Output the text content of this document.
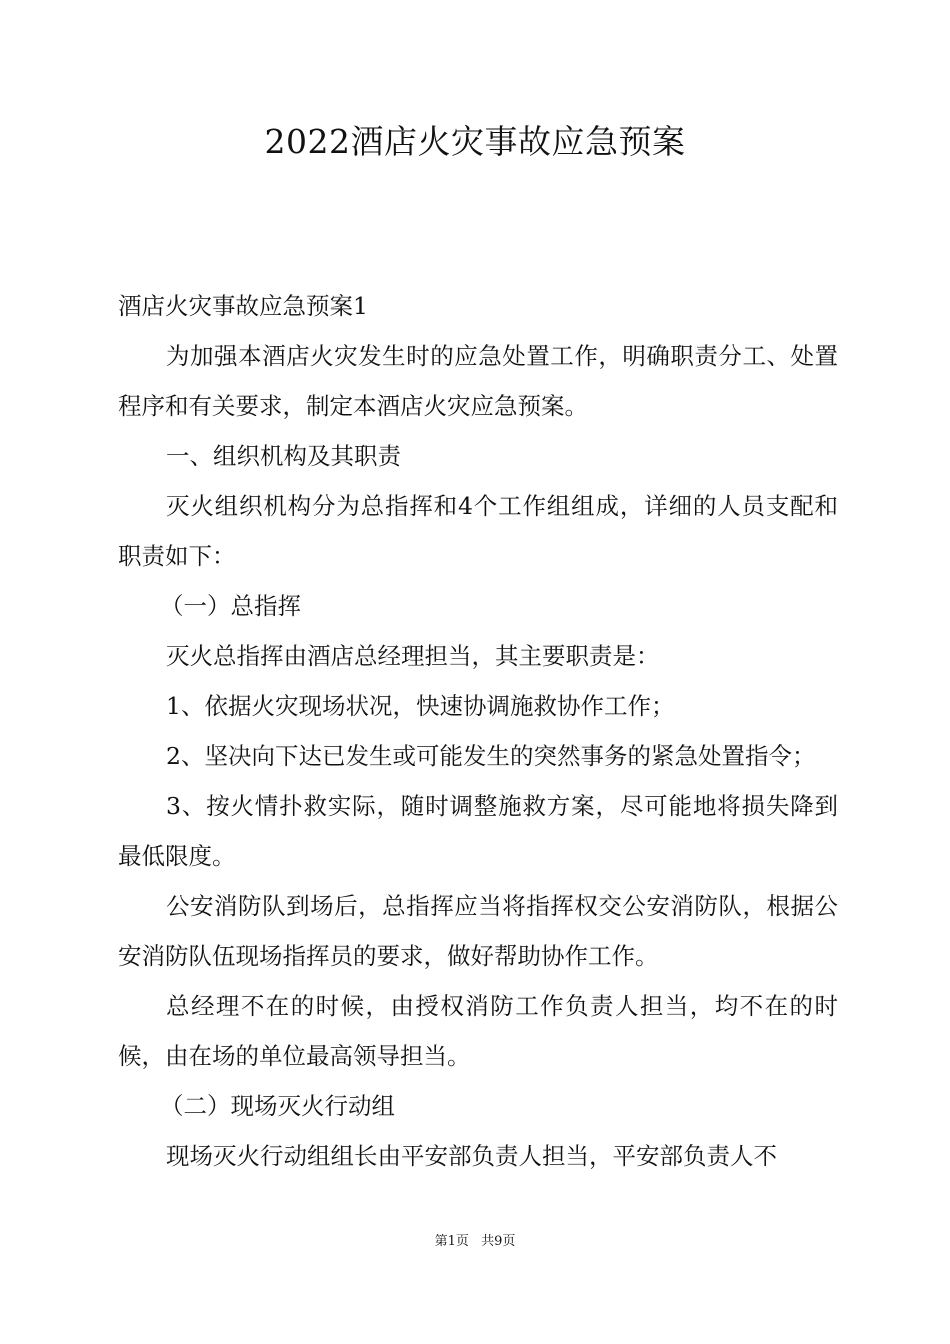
2022酒店火灾事故应急预案

酒店火灾事故应急预案1

为加强本酒店火灾发生时的应急处置工作，明确职责分工、处置程序和有关要求，制定本酒店火灾应急预案。

一、组织机构及其职责

灭火组织机构分为总指挥和4个工作组组成，详细的人员支配和职责如下：

（一）总指挥

灭火总指挥由酒店总经理担当，其主要职责是：

1、依据火灾现场状况，快速协调施救协作工作；

2、坚决向下达已发生或可能发生的突然事务的紧急处置指令；

3、按火情扑救实际，随时调整施救方案，尽可能地将损失降到最低限度。

公安消防队到场后，总指挥应当将指挥权交公安消防队，根据公安消防队伍现场指挥员的要求，做好帮助协作工作。

总经理不在的时候，由授权消防工作负责人担当，均不在的时候，由在场的单位最高领导担当。

（二）现场灭火行动组

现场灭火行动组组长由平安部负责人担当，平安部负责人不

第1页 共9页
